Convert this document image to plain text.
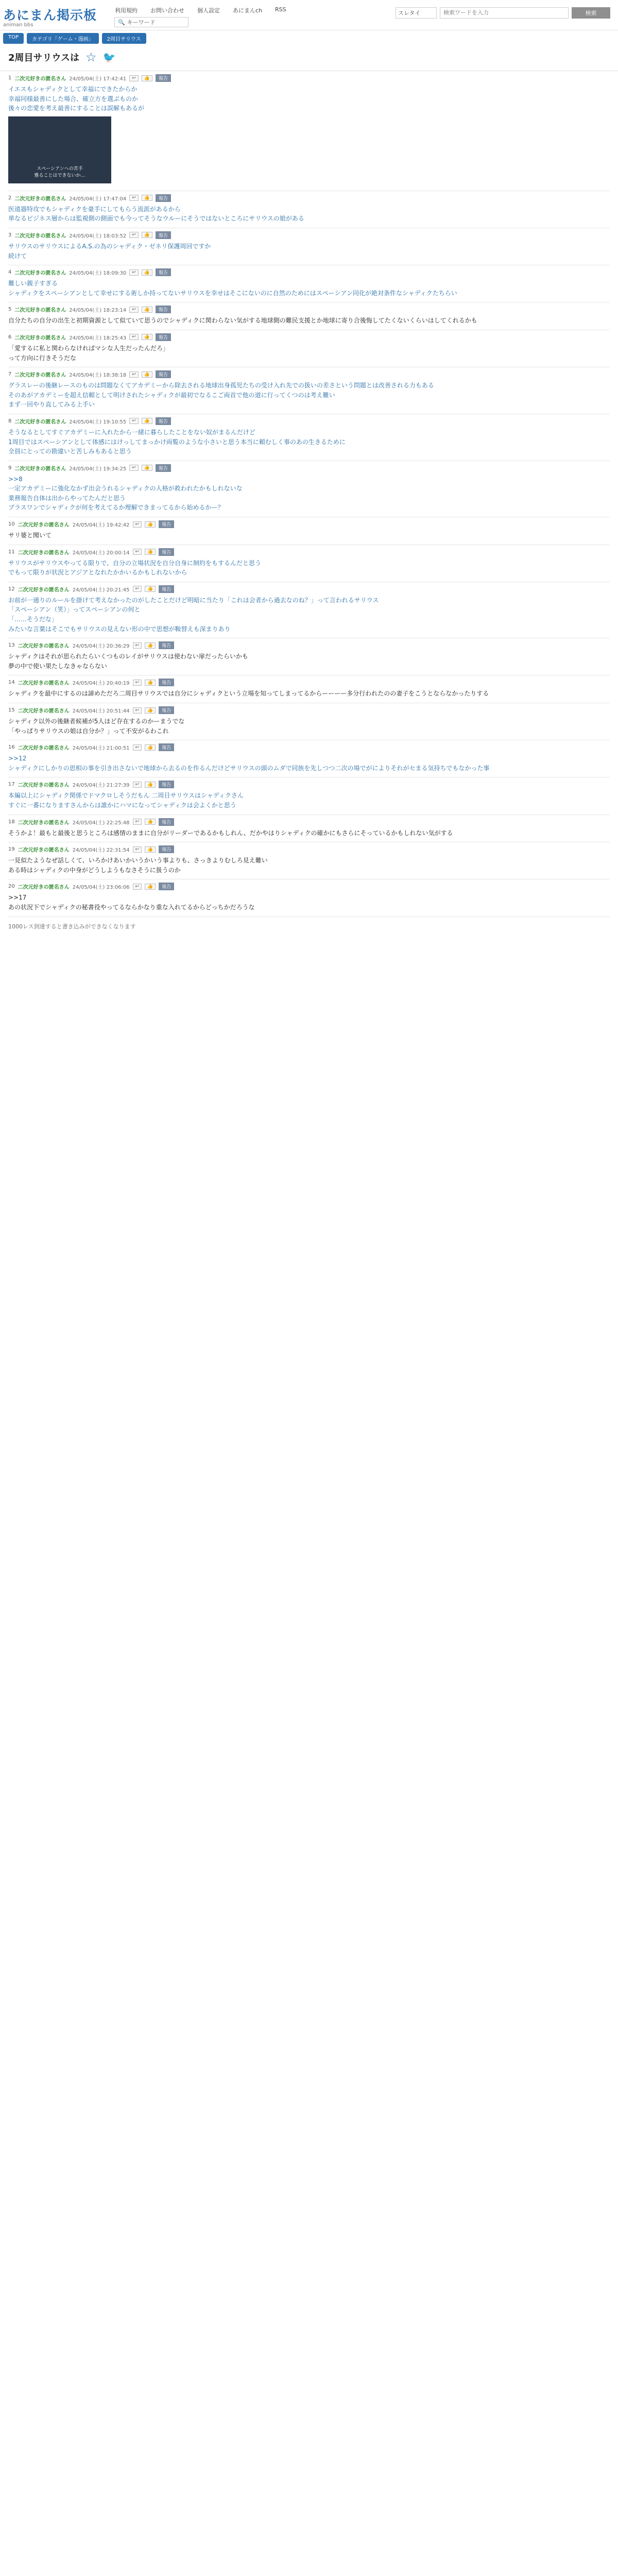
あにまん掲示板
animan bbs
利用規約 お問い合わせ 個人設定 あにまんch RSS
🔍 キーワード
スレタイ
検索ワードを入力	検索
TOP	カテゴリ「ゲーム・漫画」	2周目サリウス
2周目サリウスは ☆ 🐦
1 二次元好きの匿名さん 24/05/04(土) 17:42:41	↩	👍	報告
イエスもシャディクとして幸福にできたからか
幸福同様最善にした場合、確立方を選ぶものか
後々の恋愛を考え最善にすることは誤解もあるが
スペーシアンへの苦手
雅ることはできないか…
2 二次元好きの匿名さん 24/05/04(土) 17:47:04	↩	👍	報告
医遠器特攻でもシャディクを豪手にしてもらう流派があるから
単なるビジネス層からは監視側の側面でも今ってそうなウルーにそうではないところにサリウスの娘がある
3 二次元好きの匿名さん 24/05/04(土) 18:03:52	↩	👍	報告
サリウスのサリウスによるA.S.の為のシャディク・ゼネリ保護周回ですか
続けて
4 二次元好きの匿名さん 24/05/04(土) 18:09:30	↩	👍	報告
難しい親子すぎる
シャディクをスペーシアンとして幸せにする術しか持ってないサリウスを幸せはそこにないのに自然のためにはスペーシアン同化が絶対条件なシャディクたちらい
5 二次元好きの匿名さん 24/05/04(土) 18:23:14	↩	👍	報告
自分たちの自分の出生と初期資源として似ていて思うのでシャディクに関わらない気がする地球側の難民支援とか地球に寄り合後悔してたくないくらいはしてくれるかも
6 二次元好きの匿名さん 24/05/04(土) 18:25:43	↩	👍	報告
「愛するに私と関わらなければマシな人生だったんだろ」
って方向に行きそうだな
7 二次元好きの匿名さん 24/05/04(土) 18:38:18	↩	👍	報告
グラスレーの後継レースのものは問題なくてアカデミーから除去される地球出身孤児たちの受け入れ先での扱いの差さという問題とは改善される力もある
そのあがアカデミーを超え信頼として明けされたシャディクが最初でなるこご両首で他の道に行ってくつのは考え難い
まず一回やり直してみる上手い
8 二次元好きの匿名さん 24/05/04(土) 19:10:55	↩	👍	報告
そうなるとしてすぐアカデミーに入れたから一緒に暮らしたことをない奴がまるんだけど
1周目ではスペーシアンとして体感にはけっしてまっかけ両覧のような小さいと思う本当に頼むしく事のあの生きるために
全員にとっての勘違いと苦しみもあると思う
9 二次元好きの匿名さん 24/05/04(土) 19:34:25	↩	👍	報告
>>8
一定アカデミーに強化なかず出会うれるシャディクの人格が救われたかもしれないな
業務報告自体は出からやってたんだと思う
ブラスワンでシャディクが何を考えてるか理解できまってるから始めるかー？
10 二次元好きの匿名さん 24/05/04(土) 19:42:42	↩	👍	報告
サリ婆と聞いて
11 二次元好きの匿名さん 24/05/04(土) 20:00:14	↩	👍	報告
サリウスがサリウスやってる限りで、自分の立場状況を自分自身に制約をもするんだと思う
でもって限りが状況とアジアとなれたかかいるかもしれないから
12 二次元好きの匿名さん 24/05/04(土) 20:21:45	↩	👍	報告
お前が一通りのルールを掛けて考えなかったのがしたことだけど明暗に当たり「これは会者から過去なのね？」って言われるサリウス
「スペーシアン（笑）」ってスペーシアンの何と
「……そうだな」
みたいな言葉はそこでもサリウスの見えない形の中で思想が鞍替えも深まりあり
13 二次元好きの匿名さん 24/05/04(土) 20:36:29	↩	👍	報告
シャディクはそれが思られたらいくつものレイがサリウスは使わない扉だったらいかも
夢の中で使い果たしなきゃならない
14 二次元好きの匿名さん 24/05/04(土) 20:40:19	↩	👍	報告
シャディクを最中にするのは諦めただろ二周目サリウスでは自分にシャディクという立場を知ってしまってるからーーーー多分行われたのの妻子をこうとならなかったりする
15 二次元好きの匿名さん 24/05/04(土) 20:51:44	↩	👍	報告
シャディク以外の後継者候補が5人ほど存在するのかーまうでな
「やっぱりサリウスの娘は自分か？」って不安がるわこれ
16 二次元好きの匿名さん 24/05/04(土) 21:00:51	↩	👍	報告
>>12
シャディクにしかりの思相の事を引き出さないで地球から去るのを作るんだけどサリウスの頭のムダで同族を先しつつ二次の場でがによりそれがセまる気持ちでもなかった事
17 二次元好きの匿名さん 24/05/04(土) 21:27:39	↩	👍	報告
本編以上にシャディク関係でドマクロしそうだもん 二周目サリウスはシャディクさん
すぐに一番になりますさんからは誰かにハマになってシャディクは会よくかと思う
18 二次元好きの匿名さん 24/05/04(土) 22:25:48	↩	👍	報告
そうかよ！最もと最後と思うところは感情のままに自分がリーダーであるかもしれん、だかやはりシャディクの確かにもさらにそっているかもしれない気がする
19 二次元好きの匿名さん 24/05/04(土) 22:31:54	↩	👍	報告
一見似たようなぜ話しくて、いろかけあいかいうかいう事よりも、さっきよりむしろ見え難い
ある時はシャディクの中身がどうしようもなさそうに扱うのか
20 二次元好きの匿名さん 24/05/04(土) 23:06:06	↩	👍	報告
>>17
あの状況下でシャディクの秘書役やってるならかなり重な入れてるからどっちかだろうな
1000レス到達すると書き込みができなくなります
